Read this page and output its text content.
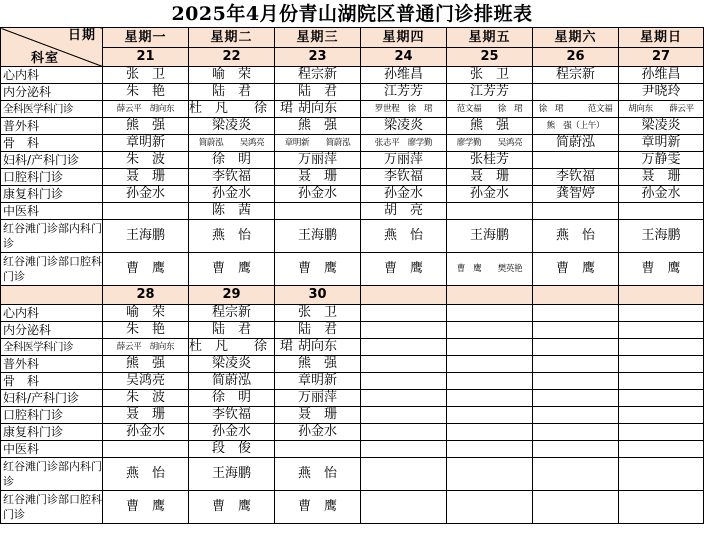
2025年4月份青山湖院区普通门诊排班表
日期
科室	星期一	星期二	星期三	星期四	星期五	星期六	星期日
	21	22	23	24	25	26	27
心内科	张　卫	喻　荣	程宗新	孙维昌	张　卫	程宗新	孙维昌
内分泌科	朱　艳	陆　君	陆　君	江芳芳	江芳芳		尹晓玲
全科医学科门诊	薛云平　胡向东	杜　凡　　徐　珺	胡向东	罗世程　徐　珺	范文福　　徐　珺	徐　珺　　　范文福	胡向东　　薛云平
普外科	熊　强	梁凌炎	熊　强	梁凌炎	熊　强	熊　强（上午）	梁凌炎
骨　科	章明新	简蔚泓　　吴鸿亮	章明新　　简蔚泓	张志平　廖学勤	廖学勤　　吴鸿亮	简蔚泓	章明新
妇科/产科门诊	朱　波	徐　明	万丽萍	万丽萍	张桂芳		万静雯
口腔科门诊	聂　珊	李钦福	聂　珊	李钦福	聂　珊	李钦福	聂　珊
康复科门诊	孙金水	孙金水	孙金水	孙金水	孙金水	龚智婷	孙金水
中医科		陈　茜		胡　亮			
红谷滩门诊部内科门诊	王海鹏	燕　怡	王海鹏	燕　怡	王海鹏	燕　怡	王海鹏
红谷滩门诊部口腔科门诊	曹　鹰	曹　鹰	曹　鹰	曹　鹰	曹　鹰　　樊英艳	曹　鹰	曹　鹰
	28	29	30				
心内科	喻　荣	程宗新	张　卫				
内分泌科	朱　艳	陆　君	陆　君				
全科医学科门诊	薛云平　胡向东	杜　凡　　徐　珺	胡向东				
普外科	熊　强	梁凌炎	熊　强				
骨　科	吴鸿亮	简蔚泓	章明新				
妇科/产科门诊	朱　波	徐　明	万丽萍				
口腔科门诊	聂　珊	李钦福	聂　珊				
康复科门诊	孙金水	孙金水	孙金水				
中医科		段　俊					
红谷滩门诊部内科门诊	燕　怡	王海鹏	燕　怡				
红谷滩门诊部口腔科门诊	曹　鹰	曹　鹰	曹　鹰				
